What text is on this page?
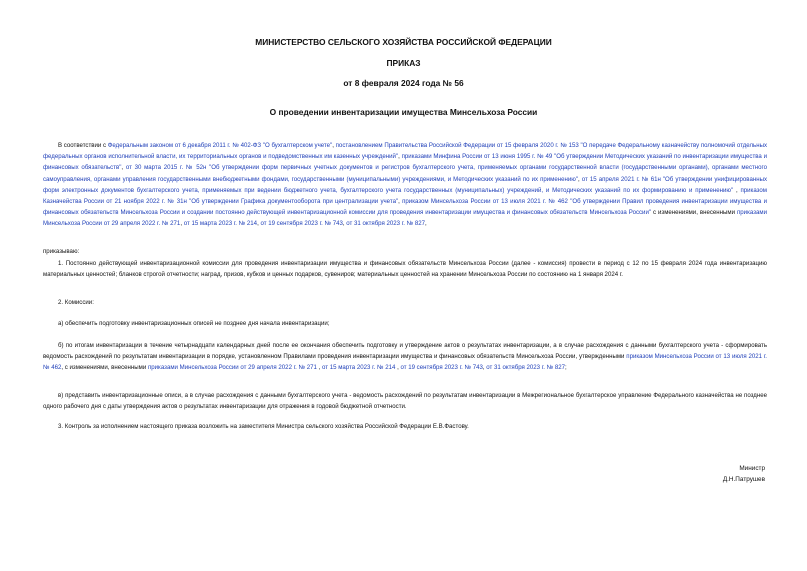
МИНИСТЕРСТВО СЕЛЬСКОГО ХОЗЯЙСТВА РОССИЙСКОЙ ФЕДЕРАЦИИ
ПРИКАЗ
от 8 февраля 2024 года № 56
О проведении инвентаризации имущества Минсельхоза России

В соответствии с Федеральным законом от 6 декабря 2011 г. № 402-ФЗ "О бухгалтерском учете", постановлением Правительства Российской Федерации от 15 февраля 2020 г. № 153 "О передаче Федеральному казначейству полномочий отдельных федеральных органов исполнительной власти, их территориальных органов и подведомственных им казенных учреждений", приказами Минфина России от 13 июня 1995 г. № 49 "Об утверждении Методических указаний по инвентаризации имущества и финансовых обязательств", от 30 марта 2015 г. № 52н "Об утверждении форм первичных учетных документов и регистров бухгалтерского учета, применяемых органами государственной власти (государственными органами), органами местного самоуправления, органами управления государственными внебюджетными фондами, государственными (муниципальными) учреждениями, и Методических указаний по их применению", от 15 апреля 2021 г. № 61н "Об утверждении унифицированных форм электронных документов бухгалтерского учета, применяемых при ведении бюджетного учета, бухгалтерского учета государственных (муниципальных) учреждений, и Методических указаний по их формированию и применению" , приказом Казначейства России от 21 ноября 2022 г. № 31н "Об утверждении Графика документооборота при централизации учета", приказом Минсельхоза России от 13 июля 2021 г. № 462 "Об утверждении Правил проведения инвентаризации имущества и финансовых обязательств Минсельхоза России и создании постоянно действующей инвентаризационной комиссии для проведения инвентаризации имущества и финансовых обязательств Минсельхоза России" с изменениями, внесенными приказами Минсельхоза России от 29 апреля 2022 г. № 271, от 15 марта 2023 г. № 214, от 19 сентября 2023 г. № 743, от 31 октября 2023 г. № 827,

приказываю:

1. Постоянно действующей инвентаризационной комиссии для проведения инвентаризации имущества и финансовых обязательств Минсельхоза России (далее - комиссия) провести в период с 12 по 15 февраля 2024 года инвентаризацию материальных ценностей; бланков строгой отчетности; наград, призов, кубков и ценных подарков, сувениров; материальных ценностей на хранении Минсельхоза России по состоянию на 1 января 2024 г.

2. Комиссии:

а) обеспечить подготовку инвентаризационных описей не позднее дня начала инвентаризации;

б) по итогам инвентаризации в течение четырнадцати календарных дней после ее окончания обеспечить подготовку и утверждение актов о результатах инвентаризации, а в случае расхождения с данными бухгалтерского учета - сформировать ведомость расхождений по результатам инвентаризации в порядке, установленном Правилами проведения инвентаризации имущества и финансовых обязательств Минсельхоза России, утвержденными приказом Минсельхоза России от 13 июля 2021 г. № 462, с изменениями, внесенными приказами Минсельхоза России от 29 апреля 2022 г. № 271 , от 15 марта 2023 г. № 214 , от 19 сентября 2023 г. № 743, от 31 октября 2023 г. № 827;

в) представить инвентаризационные описи, а в случае расхождения с данными бухгалтерского учета - ведомость расхождений по результатам инвентаризации в Межрегиональное бухгалтерское управление Федерального казначейства не позднее одного рабочего дня с даты утверждения актов о результатах инвентаризации для отражения в годовой бюджетной отчетности.

3. Контроль за исполнением настоящего приказа возложить на заместителя Министра сельского хозяйства Российской Федерации Е.В.Фастову.

Министр
Д.Н.Патрушев
